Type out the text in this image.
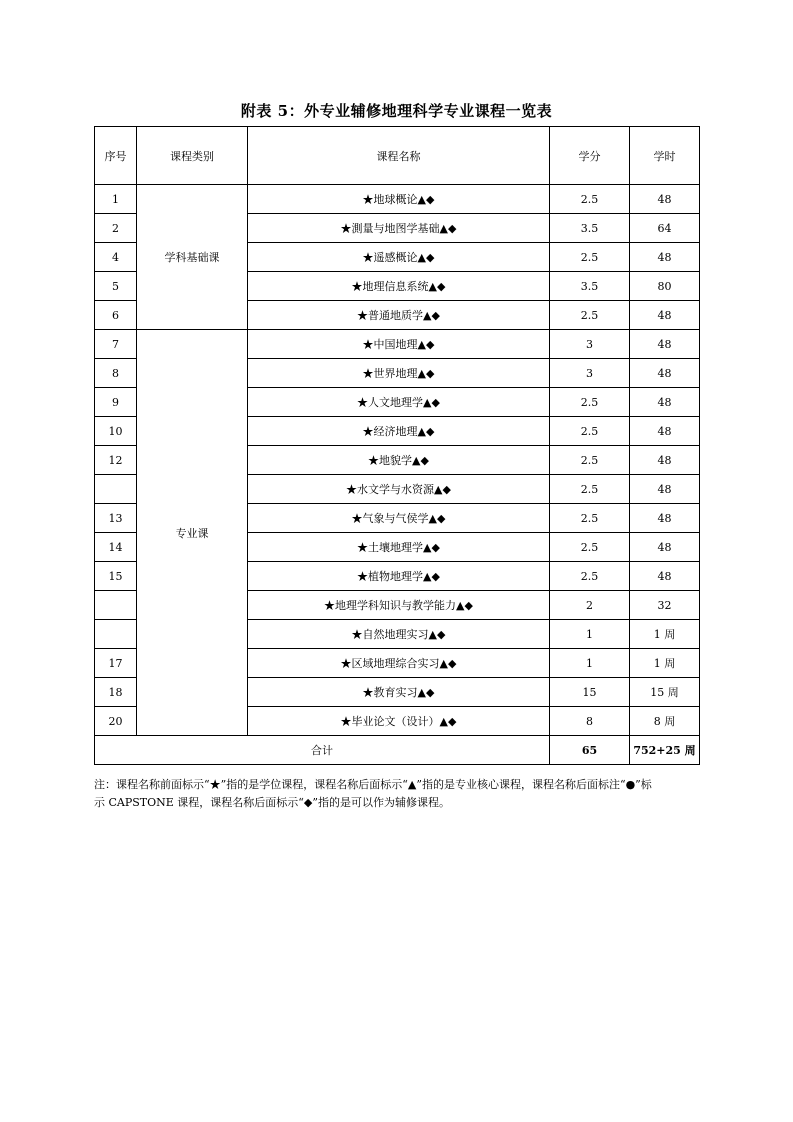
附表 5：外专业辅修地理科学专业课程一览表
序号	课程类别	课程名称	学分	学时
1	学科基础课	★地球概论▲◆	2.5	48
2		★測量与地图学基础▲◆	3.5	64
4		★遥感概论▲◆	2.5	48
5		★地理信息系统▲◆	3.5	80
6		★普通地质学▲◆	2.5	48
7	专业课	★中国地理▲◆	3	48
8		★世界地理▲◆	3	48
9		★人文地理学▲◆	2.5	48
10		★经济地理▲◆	2.5	48
12		★地貌学▲◆	2.5	48
		★水文学与水资源▲◆	2.5	48
13		★气象与气侯学▲◆	2.5	48
14		★土壤地理学▲◆	2.5	48
15		★植物地理学▲◆	2.5	48
		★地理学科知识与教学能力▲◆	2	32
		★自然地理实习▲◆	1	1 周
17		★区域地理综合实习▲◆	1	1 周
18		★教育实习▲◆	15	15 周
20		★毕业论文（设计）▲◆	8	8 周
合计			65	752+25 周
注：课程名称前面标示“★”指的是学位课程，课程名称后面标示“▲”指的是专业核心课程，课程名称后面标注“●”标
示 CAPSTONE 课程，课程名称后面标示“◆”指的是可以作为辅修课程。
